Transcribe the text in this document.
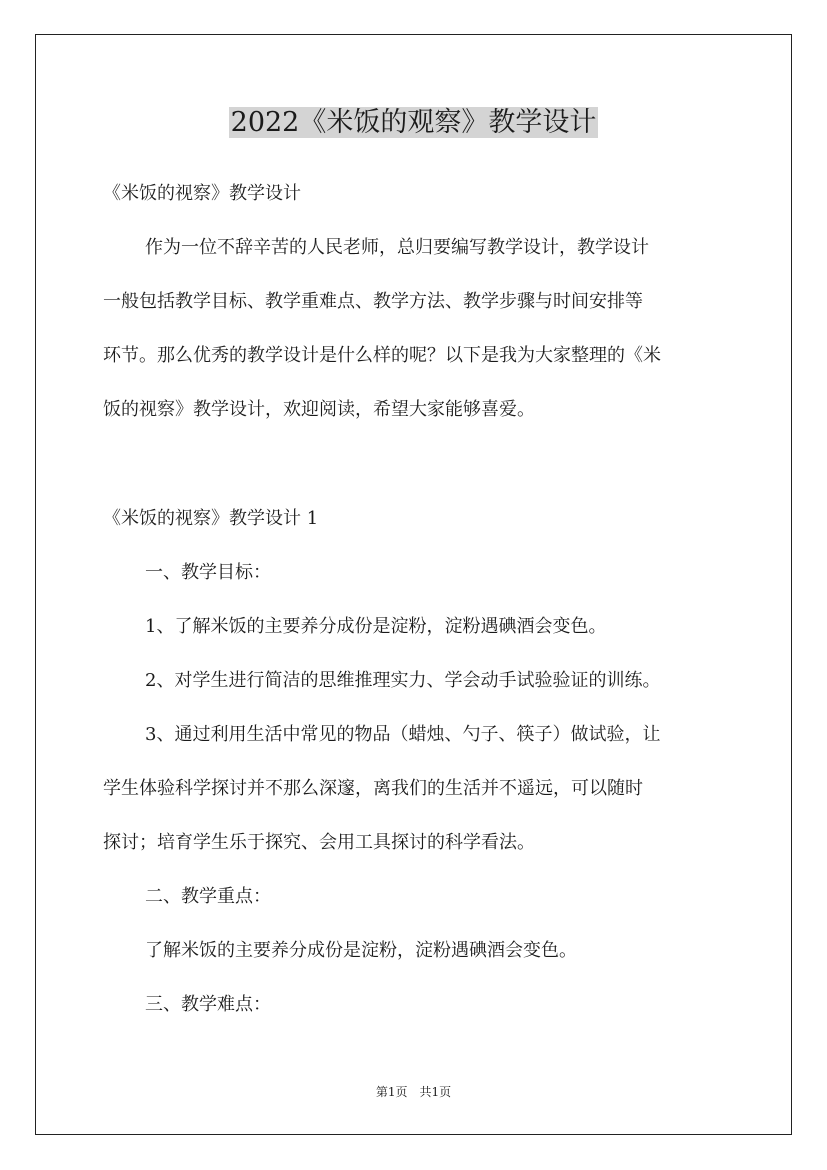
2022《米饭的观察》教学设计
《米饭的视察》教学设计
作为一位不辞辛苦的人民老师，总归要编写教学设计，教学设计
一般包括教学目标、教学重难点、教学方法、教学步骤与时间安排等
环节。那么优秀的教学设计是什么样的呢？以下是我为大家整理的《米
饭的视察》教学设计，欢迎阅读，希望大家能够喜爱。
《米饭的视察》教学设计 1
一、教学目标：
1、了解米饭的主要养分成份是淀粉，淀粉遇碘酒会变色。
2、对学生进行简洁的思维推理实力、学会动手试验验证的训练。
3、通过利用生活中常见的物品（蜡烛、勺子、筷子）做试验，让
学生体验科学探讨并不那么深邃，离我们的生活并不遥远，可以随时
探讨；培育学生乐于探究、会用工具探讨的科学看法。
二、教学重点：
了解米饭的主要养分成份是淀粉，淀粉遇碘酒会变色。
三、教学难点：
第1页　共1页
